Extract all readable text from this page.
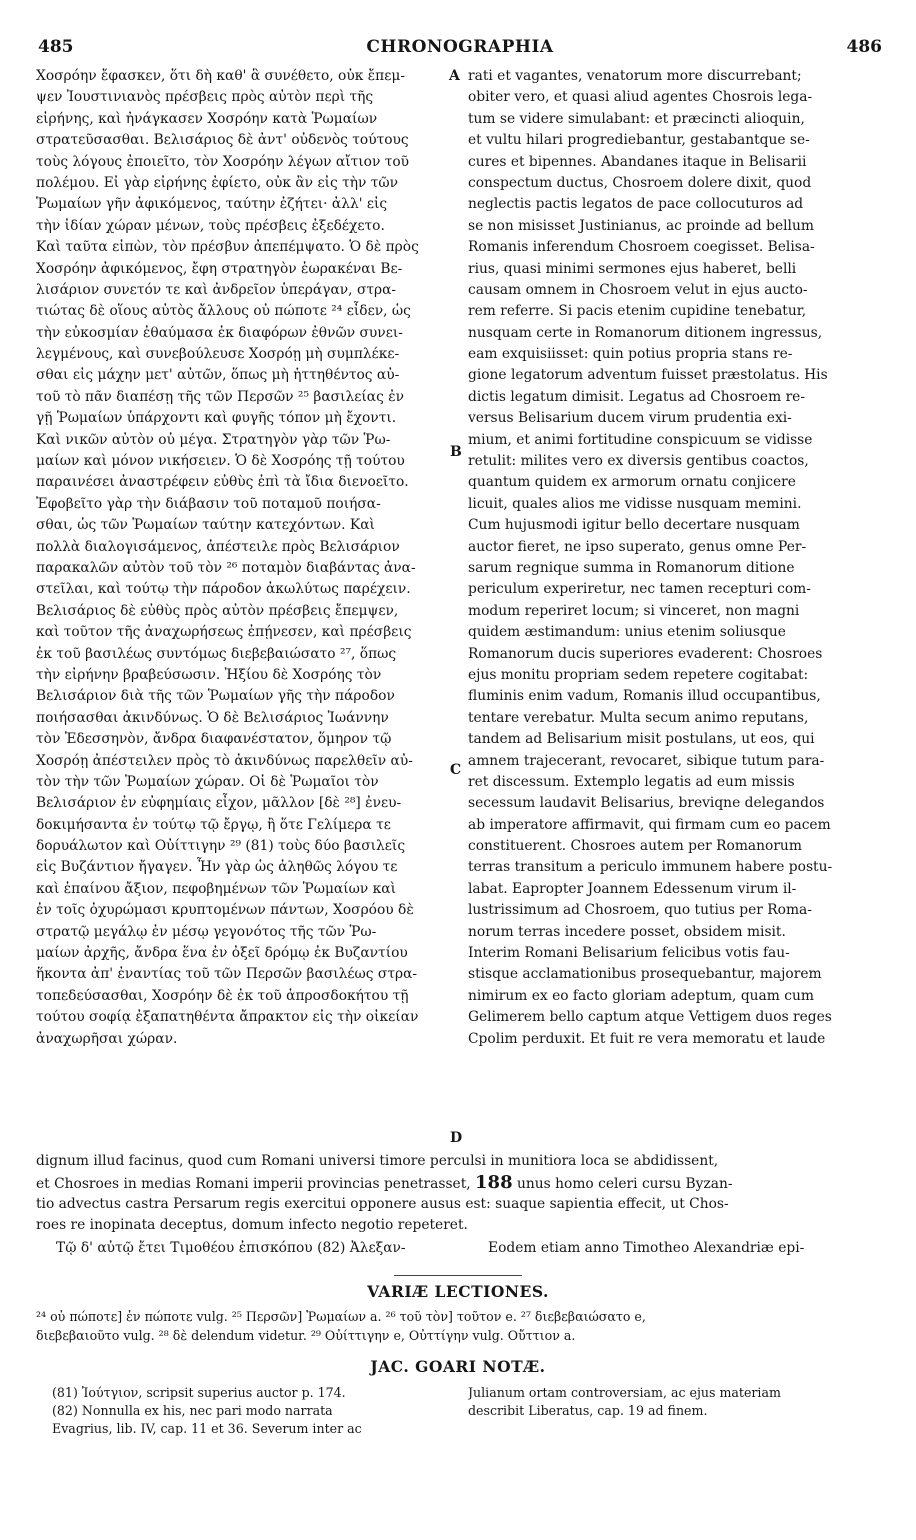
485	CHRONOGRAPHIA	486
Χοσρόην ἔφασκεν, ὅτι δὴ καθ' ἃ συνέθετο, οὐκ ἔπεμ-
ψεν Ἰουστινιανὸς πρέσβεις πρὸς αὐτὸν περὶ τῆς
εἰρήνης, καὶ ἠνάγκασεν Χοσρόην κατὰ Ῥωμαίων
στρατεῦσασθαι. Βελισάριος δὲ ἀντ' οὐδενὸς τούτους
τοὺς λόγους ἐποιεῖτο, τὸν Χοσρόην λέγων αἴτιον τοῦ
πολέμου. Εἰ γὰρ εἰρήνης ἐφίετο, οὐκ ἂν εἰς τὴν τῶν
Ῥωμαίων γῆν ἀφικόμενος, ταύτην ἐζήτει· ἀλλ' εἰς
τὴν ἰδίαν χώραν μένων, τοὺς πρέσβεις ἐξεδέχετο.
Καὶ ταῦτα εἰπὼν, τὸν πρέσβυν ἀπεπέμψατο. Ὁ δὲ πρὸς
Χοσρόην ἀφικόμενος, ἔφη στρατηγὸν ἑωρακέναι Βε-
λισάριον συνετόν τε καὶ ἀνδρεῖον ὑπεράγαν, στρα-
τιώτας δὲ οἵους αὐτὸς ἄλλους οὐ πώποτε ²⁴ εἶδεν, ὡς
τὴν εὐκοσμίαν ἐθαύμασα ἐκ διαφόρων ἐθνῶν συνει-
λεγμένους, καὶ συνεβούλευσε Χοσρόῃ μὴ συμπλέκε-
σθαι εἰς μάχην μετ' αὐτῶν, ὅπως μὴ ἡττηθέντος αὐ-
τοῦ τὸ πᾶν διαπέσῃ τῆς τῶν Περσῶν ²⁵ βασιλείας ἐν
γῇ Ῥωμαίων ὑπάρχοντι καὶ φυγῆς τόπον μὴ ἔχοντι.
Καὶ νικῶν αὐτὸν οὐ μέγα. Στρατηγὸν γὰρ τῶν Ῥω-
μαίων καὶ μόνον νικήσειεν. Ὁ δὲ Χοσρόης τῇ τούτου
παραινέσει ἀναστρέφειν εὐθὺς ἐπὶ τὰ ἴδια διενοεῖτο.
Ἐφοβεῖτο γὰρ τὴν διάβασιν τοῦ ποταμοῦ ποιήσα-
σθαι, ὡς τῶν Ῥωμαίων ταύτην κατεχόντων. Καὶ
πολλὰ διαλογισάμενος, ἀπέστειλε πρὸς Βελισάριον
παρακαλῶν αὐτὸν τοῦ τὸν ²⁶ ποταμὸν διαβάντας ἀνα-
στεῖλαι, καὶ τούτῳ τὴν πάροδον ἀκωλύτως παρέχειν.
Βελισάριος δὲ εὐθὺς πρὸς αὐτὸν πρέσβεις ἔπεμψεν,
καὶ τοῦτον τῆς ἀναχωρήσεως ἐπῄνεσεν, καὶ πρέσβεις
ἐκ τοῦ βασιλέως συντόμως διεβεβαιώσατο ²⁷, ὅπως
τὴν εἰρήνην βραβεύσωσιν. Ἠξίου δὲ Χοσρόης τὸν
Βελισάριον διὰ τῆς τῶν Ῥωμαίων γῆς τὴν πάροδον
ποιήσασθαι ἀκινδύνως. Ὁ δὲ Βελισάριος Ἰωάννην
τὸν Ἐδεσσηνὸν, ἄνδρα διαφανέστατον, ὅμηρον τῷ
Χοσρόῃ ἀπέστειλεν πρὸς τὸ ἀκινδύνως παρελθεῖν αὐ-
τὸν τὴν τῶν Ῥωμαίων χώραν. Οἱ δὲ Ῥωμαῖοι τὸν
Βελισάριον ἐν εὐφημίαις εἶχον, μᾶλλον [δὲ ²⁸] ἐνευ-
δοκιμήσαντα ἐν τούτῳ τῷ ἔργῳ, ἢ ὅτε Γελίμερα τε
δορυάλωτον καὶ Οὐίττιγην ²⁹ (81) τοὺς δύο βασιλεῖς
εἰς Βυζάντιον ἤγαγεν. Ἦν γὰρ ὡς ἀληθῶς λόγου τε
καὶ ἐπαίνου ἄξιον, πεφοβημένων τῶν Ῥωμαίων καὶ
ἐν τοῖς ὀχυρώμασι κρυπτομένων πάντων, Χοσρόου δὲ
στρατῷ μεγάλῳ ἐν μέσῳ γεγονότος τῆς τῶν Ῥω-
μαίων ἀρχῆς, ἄνδρα ἕνα ἐν ὀξεῖ δρόμῳ ἐκ Βυζαντίου
ἥκοντα ἀπ' ἐναντίας τοῦ τῶν Περσῶν βασιλέως στρα-
τοπεδεύσασθαι, Χοσρόην δὲ ἐκ τοῦ ἀπροσδοκήτου τῇ
τούτου σοφίᾳ ἐξαπατηθέντα ἄπρακτον εἰς τὴν οἰκείαν
ἀναχωρῆσαι χώραν.
rati et vagantes, venatorum more discurrebant;
obiter vero, et quasi aliud agentes Chosrois lega-
tum se videre simulabant: et præcincti alioquin,
et vultu hilari progrediebantur, gestabantque se-
cures et bipennes. Abandanes itaque in Belisarii
conspectum ductus, Chosroem dolere dixit, quod
neglectis pactis legatos de pace collocuturos ad
se non misisset Justinianus, ac proinde ad bellum
Romanis inferendum Chosroem coegisset. Belisa-
rius, quasi minimi sermones ejus haberet, belli
causam omnem in Chosroem velut in ejus aucto-
rem referre. Si pacis etenim cupidine tenebatur,
nusquam certe in Romanorum ditionem ingressus,
eam exquisiisset: quin potius propria stans re-
gione legatorum adventum fuisset præstolatus. His
dictis legatum dimisit. Legatus ad Chosroem re-
versus Belisarium ducem virum prudentia exi-
mium, et animi fortitudine conspicuum se vidisse
retulit: milites vero ex diversis gentibus coactos,
quantum quidem ex armorum ornatu conjicere
licuit, quales alios me vidisse nusquam memini.
Cum hujusmodi igitur bello decertare nusquam
auctor fieret, ne ipso superato, genus omne Per-
sarum regnique summa in Romanorum ditione
periculum experiretur, nec tamen recepturi com-
modum reperiret locum; si vinceret, non magni
quidem æstimandum: unius etenim soliusque
Romanorum ducis superiores evaderent: Chosroes
ejus monitu propriam sedem repetere cogitabat:
fluminis enim vadum, Romanis illud occupantibus,
tentare verebatur. Multa secum animo reputans,
tandem ad Belisarium misit postulans, ut eos, qui
amnem trajecerant, revocaret, sibique tutum para-
ret discessum. Extemplo legatis ad eum missis
secessum laudavit Belisarius, breviqne delegandos
ab imperatore affirmavit, qui firmam cum eo pacem
constituerent. Chosroes autem per Romanorum
terras transitum a periculo immunem habere postu-
labat. Eapropter Joannem Edessenum virum il-
lustrissimum ad Chosroem, quo tutius per Roma-
norum terras incedere posset, obsidem misit.
Interim Romani Belisarium felicibus votis fau-
stisque acclamationibus prosequebantur, majorem
nimirum ex eo facto gloriam adeptum, quam cum
Gelimerem bello captum atque Vettigem duos reges
Cpolim perduxit. Et fuit re vera memoratu et laude
A
B
C
D
dignum illud facinus, quod cum Romani universi timore perculsi in munitiora loca se abdidissent,
et Chosroes in medias Romani imperii provincias penetrasset, 188 unus homo celeri cursu Byzan-
tio advectus castra Persarum regis exercitui opponere ausus est: suaque sapientia effecit, ut Chos-
roes re inopinata deceptus, domum infecto negotio repeteret.
Τῷ δ' αὐτῷ ἔτει Τιμοθέου ἐπισκόπου (82) Ἀλεξαν-	Eodem etiam anno Timotheo Alexandriæ epi-
VARIÆ LECTIONES.
²⁴ οὐ πώποτε] ἐν πώποτε vulg. ²⁵ Περσῶν] Ῥωμαίων a. ²⁶ τοῦ τὸν] τοῦτον e. ²⁷ διεβεβαιώσατο e,
διεβεβαιοῦτο vulg. ²⁸ δὲ delendum videtur. ²⁹ Οὐίττιγην e, Οὐττίγην vulg. Οὔττιον a.
JAC. GOARI NOTÆ.
(81) Ἰούτγιον, scripsit superius auctor p. 174.
(82) Nonnulla ex his, nec pari modo narrata
Evagrius, lib. IV, cap. 11 et 36. Severum inter ac
Julianum ortam controversiam, ac ejus materiam
describit Liberatus, cap. 19 ad finem.
